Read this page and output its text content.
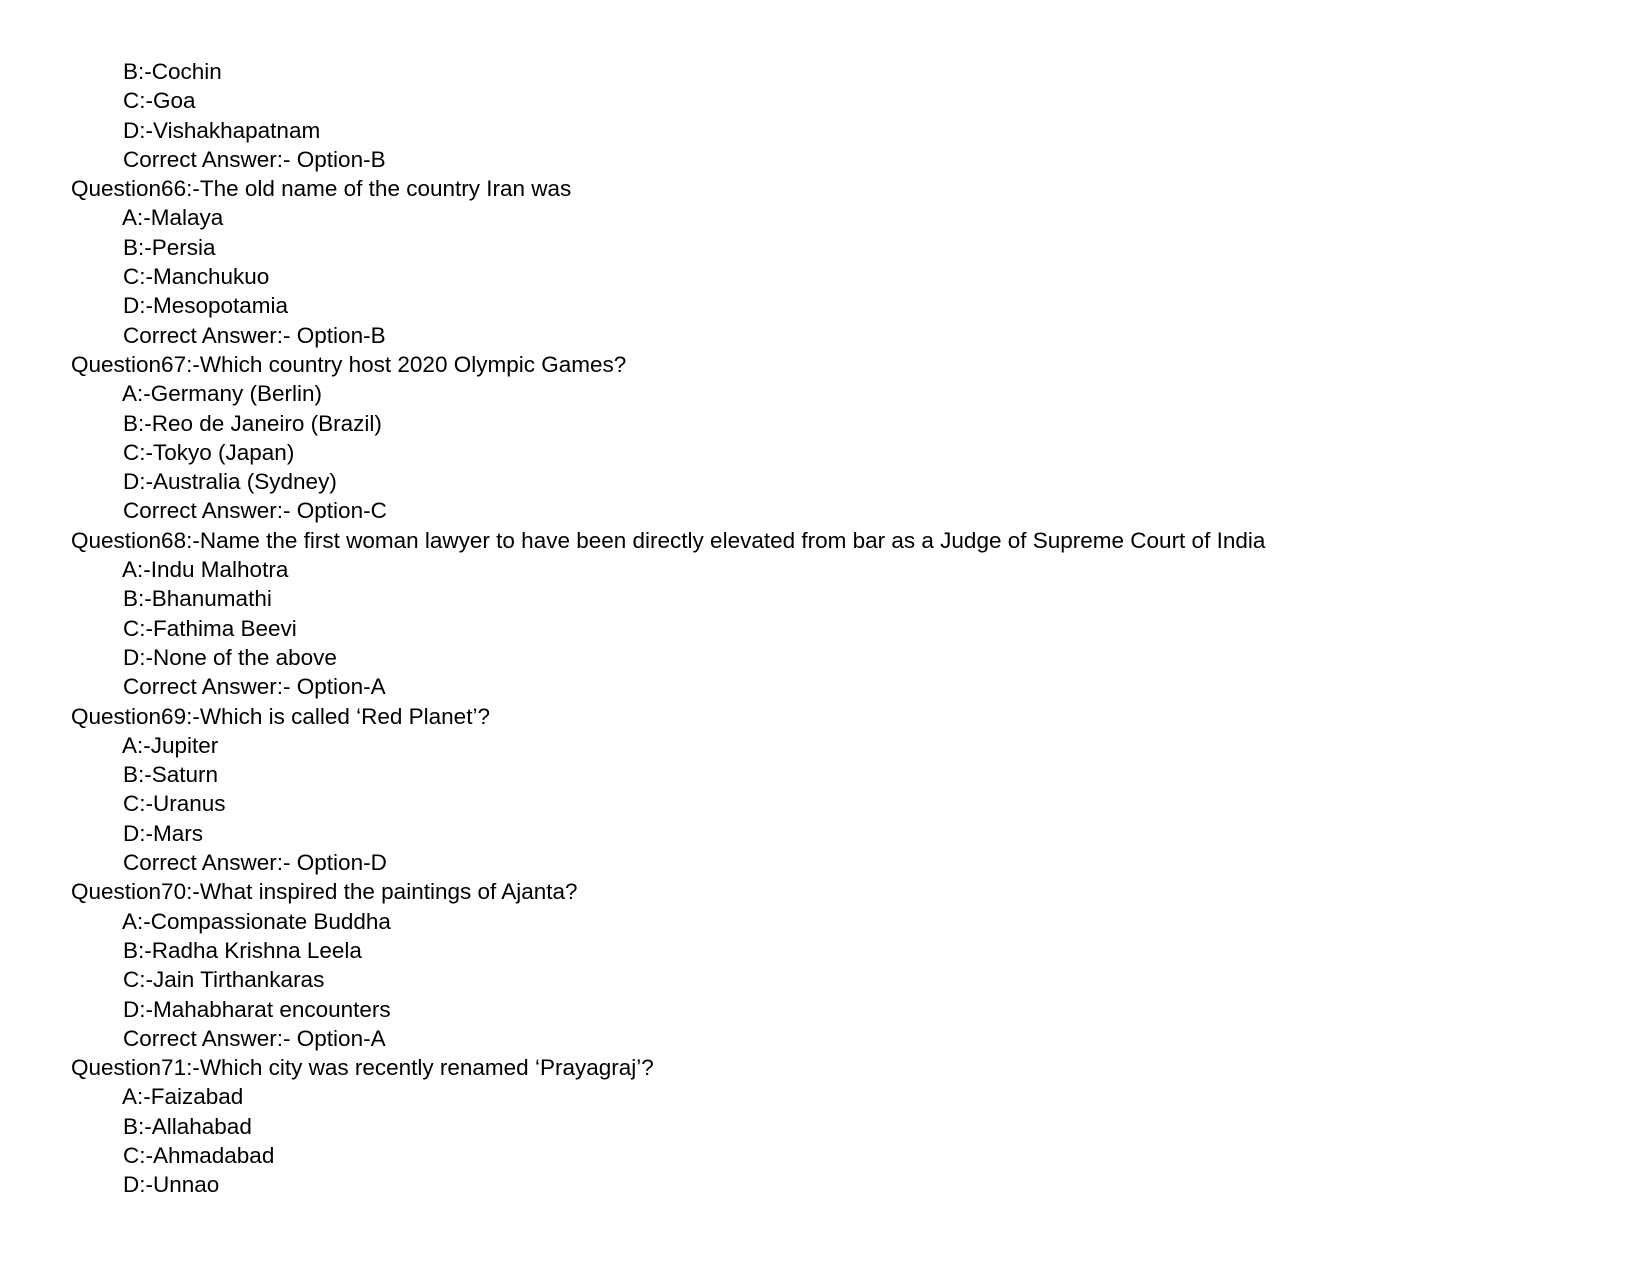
B:-Cochin
C:-Goa
D:-Vishakhapatnam
Correct Answer:- Option-B
Question66:-The old name of the country Iran was
A:-Malaya
B:-Persia
C:-Manchukuo
D:-Mesopotamia
Correct Answer:- Option-B
Question67:-Which country host 2020 Olympic Games?
A:-Germany (Berlin)
B:-Reo de Janeiro (Brazil)
C:-Tokyo (Japan)
D:-Australia (Sydney)
Correct Answer:- Option-C
Question68:-Name the first woman lawyer to have been directly elevated from bar as a Judge of Supreme Court of India
A:-Indu Malhotra
B:-Bhanumathi
C:-Fathima Beevi
D:-None of the above
Correct Answer:- Option-A
Question69:-Which is called ‘Red Planet’?
A:-Jupiter
B:-Saturn
C:-Uranus
D:-Mars
Correct Answer:- Option-D
Question70:-What inspired the paintings of Ajanta?
A:-Compassionate Buddha
B:-Radha Krishna Leela
C:-Jain Tirthankaras
D:-Mahabharat encounters
Correct Answer:- Option-A
Question71:-Which city was recently renamed ‘Prayagraj’?
A:-Faizabad
B:-Allahabad
C:-Ahmadabad
D:-Unnao
